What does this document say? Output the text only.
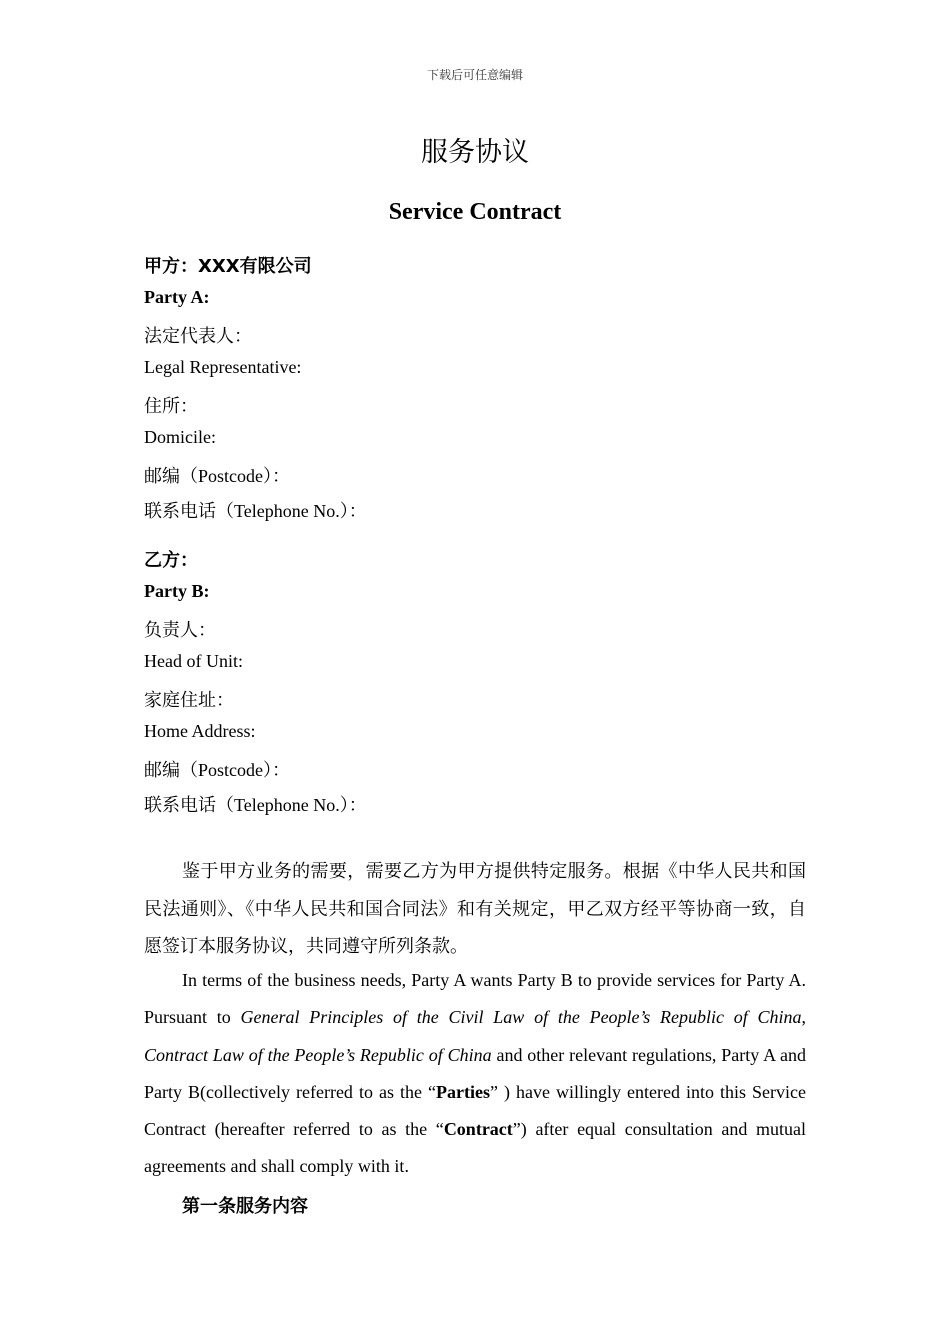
下载后可任意编辑
服务协议
Service Contract
甲方：XXX有限公司
Party A:
法定代表人：
Legal Representative:
住所：
Domicile:
邮编（Postcode）：
联系电话（Telephone No.）：
乙方：
Party B:
负责人：
Head of Unit:
家庭住址：
Home Address:
邮编（Postcode）：
联系电话（Telephone No.）：
鉴于甲方业务的需要，需要乙方为甲方提供特定服务。根据《中华人民共和国民法通则》、《中华人民共和国合同法》和有关规定，甲乙双方经平等协商一致，自愿签订本服务协议，共同遵守所列条款。
In terms of the business needs, Party A wants Party B to provide services for Party A. Pursuant to General Principles of the Civil Law of the People’s Republic of China, Contract Law of the People’s Republic of China and other relevant regulations, Party A and Party B(collectively referred to as the “Parties” ) have willingly entered into this Service Contract (hereafter referred to as the “Contract”) after equal consultation and mutual agreements and shall comply with it.
第一条服务内容
